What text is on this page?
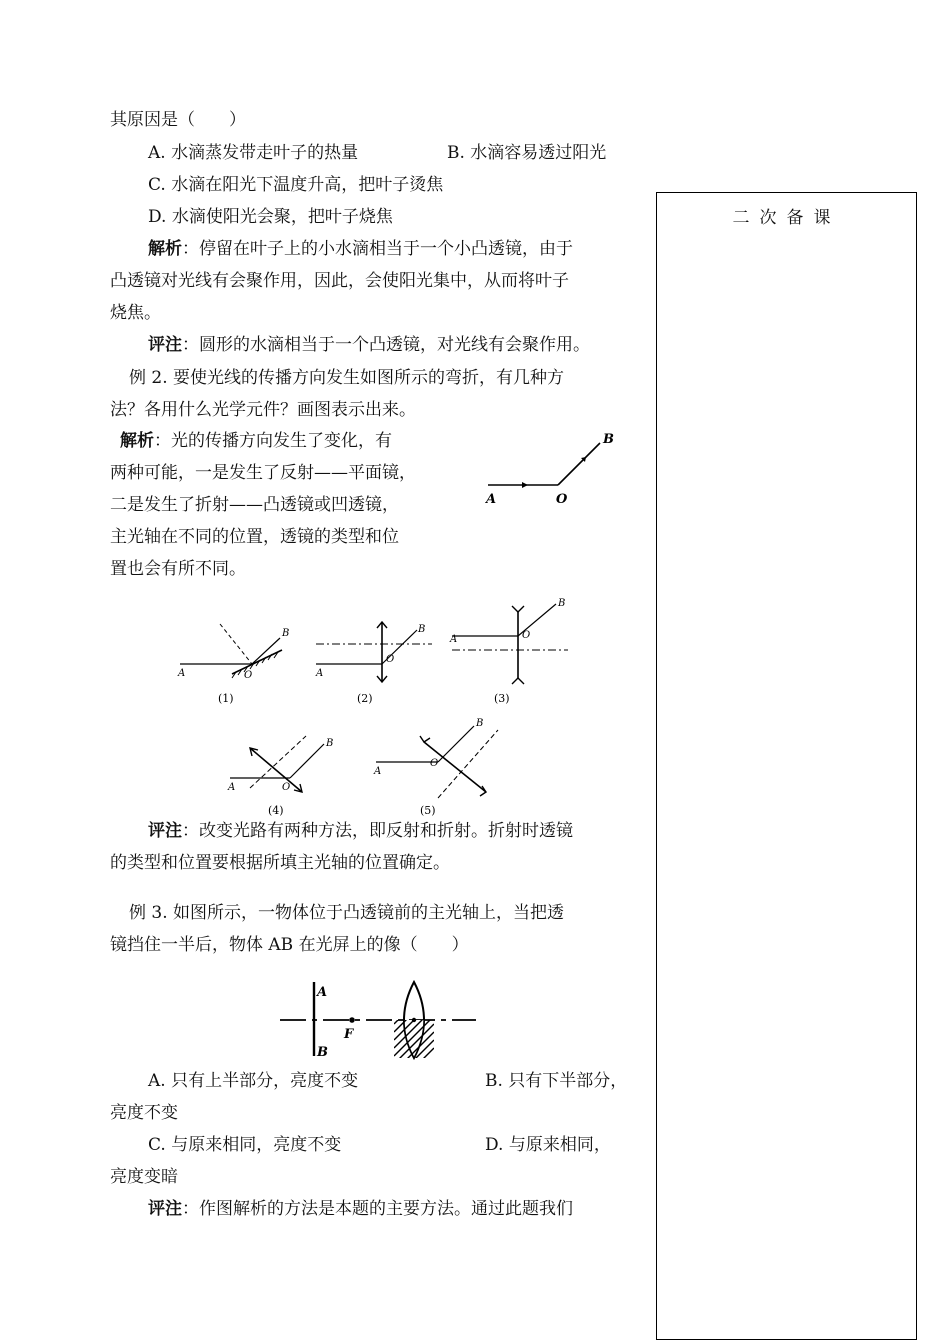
其原因是（　　）
A. 水滴蒸发带走叶子的热量	B. 水滴容易透过阳光
C. 水滴在阳光下温度升高，把叶子烫焦
D. 水滴使阳光会聚，把叶子烧焦
解析：停留在叶子上的小水滴相当于一个小凸透镜，由于
凸透镜对光线有会聚作用，因此，会使阳光集中，从而将叶子
烧焦。
评注：圆形的水滴相当于一个凸透镜，对光线有会聚作用。
例 2. 要使光线的传播方向发生如图所示的弯折，有几种方
法？各用什么光学元件？画图表示出来。
解析：光的传播方向发生了变化，有
两种可能，一是发生了反射——平面镜，
二是发生了折射——凸透镜或凹透镜，
主光轴在不同的位置，透镜的类型和位
置也会有所不同。
A	O
B
A	O
B
(1)
A
O
B
(2)
A	O
B
(3)
A	O
B
(4)
A
O
B
(5)
评注：改变光路有两种方法，即反射和折射。折射时透镜
的类型和位置要根据所填主光轴的位置确定。
例 3. 如图所示，一物体位于凸透镜前的主光轴上，当把透
镜挡住一半后，物体 AB 在光屏上的像（　　）
A
B
F
A. 只有上半部分，亮度不变	B. 只有下半部分，
亮度不变
C. 与原来相同，亮度不变	D. 与原来相同，
亮度变暗
评注：作图解析的方法是本题的主要方法。通过此题我们
二次备课
